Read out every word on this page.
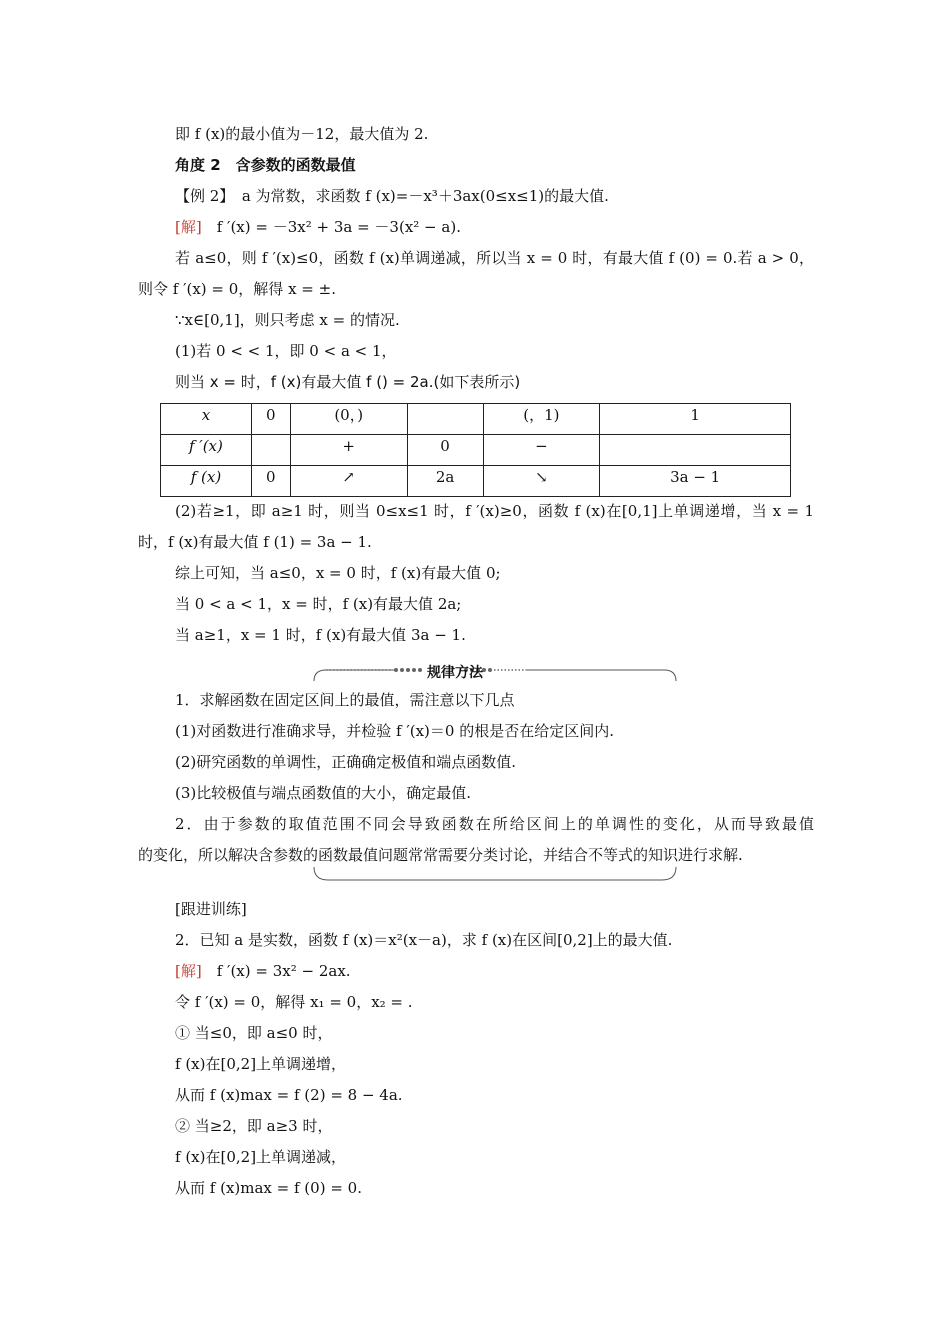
即 f (x)的最小值为－12，最大值为 2.
角度 2　含参数的函数最值
【例 2】　a 为常数，求函数 f (x)=－x³＋3ax(0≤x≤1)的最大值.
[解]　f ′(x) = －3x² + 3a = －3(x² − a).
若 a≤0，则 f ′(x)≤0，函数 f (x)单调递减，所以当 x = 0 时，有最大值 f (0) = 0.若 a > 0，
则令 f ′(x) = 0，解得 x = ±.
∵x∈[0,1]，则只考虑 x = 的情况.
(1)若 0 < < 1，即 0 < a < 1，
则当 x = 时，f (x)有最大值 f () = 2a.(如下表所示)
x	0	(0，)		(，1)	1
f ′(x)		+	0	−	
f (x)	0	↗	2a	↘	3a − 1
(2)若≥1，即 a≥1 时，则当 0≤x≤1 时，f ′(x)≥0，函数 f (x)在[0,1]上单调递增，当 x = 1
时，f (x)有最大值 f (1) = 3a − 1.
综上可知，当 a≤0，x = 0 时，f (x)有最大值 0;
当 0 < a < 1，x = 时，f (x)有最大值 2a;
当 a≥1，x = 1 时，f (x)有最大值 3a − 1.
规律方法
1．求解函数在固定区间上的最值，需注意以下几点
(1)对函数进行准确求导，并检验 f ′(x)＝0 的根是否在给定区间内.
(2)研究函数的单调性，正确确定极值和端点函数值.
(3)比较极值与端点函数值的大小，确定最值.
2．由于参数的取值范围不同会导致函数在所给区间上的单调性的变化，从而导致最值
的变化，所以解决含参数的函数最值问题常常需要分类讨论，并结合不等式的知识进行求解.
[跟进训练]
2．已知 a 是实数，函数 f (x)＝x²(x－a)，求 f (x)在区间[0,2]上的最大值.
[解]　f ′(x) = 3x² − 2ax.
令 f ′(x) = 0，解得 x₁ = 0，x₂ = .
① 当≤0，即 a≤0 时，
f (x)在[0,2]上单调递增，
从而 f (x)max = f (2) = 8 − 4a.
② 当≥2，即 a≥3 时，
f (x)在[0,2]上单调递减，
从而 f (x)max = f (0) = 0.
